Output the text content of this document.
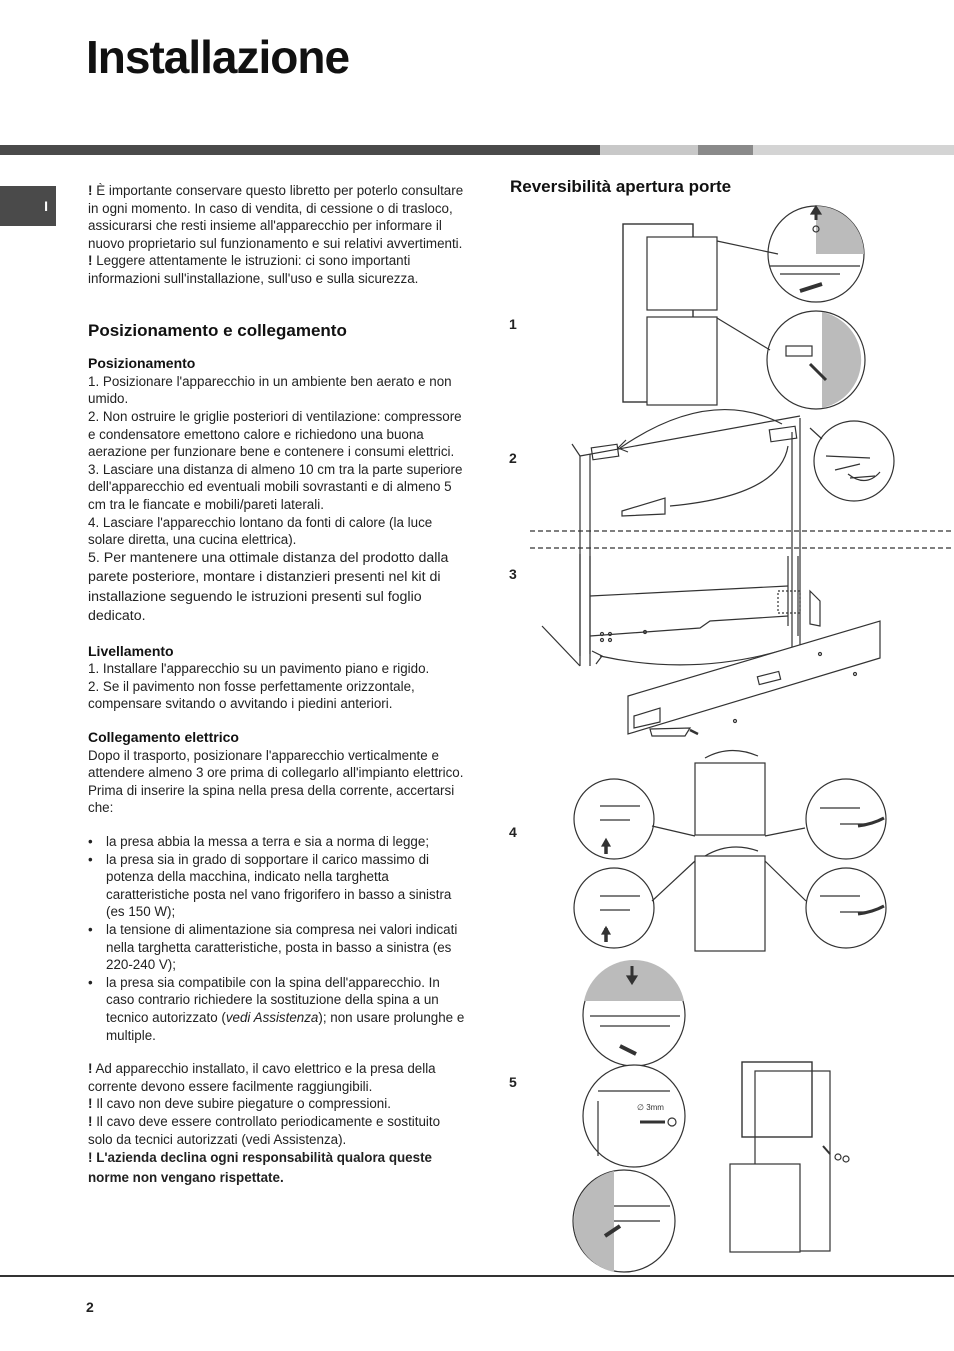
Installazione
I

! È importante conservare questo libretto per poterlo consultare in ogni momento. In caso di vendita, di cessione o di trasloco, assicurarsi che resti insieme all'apparecchio per informare il nuovo proprietario sul funzionamento e sui relativi avvertimenti.

! Leggere attentamente le istruzioni: ci sono importanti informazioni sull'installazione, sull'uso e sulla sicurezza.

Posizionamento e collegamento
Posizionamento

1. Posizionare l'apparecchio in un ambiente ben aerato e non umido.

2. Non ostruire le griglie posteriori di ventilazione: compressore e condensatore emettono calore e richiedono una buona aerazione per funzionare bene e contenere i consumi elettrici.

3. Lasciare una distanza di almeno 10 cm tra la parte superiore dell'apparecchio ed eventuali mobili sovrastanti e di almeno 5 cm tra le fiancate e mobili/pareti laterali.

4. Lasciare l'apparecchio lontano da fonti di calore (la luce solare diretta, una cucina elettrica).

5. Per mantenere una ottimale distanza del prodotto dalla parete posteriore, montare i distanzieri presenti nel kit di installazione seguendo le istruzioni presenti sul foglio dedicato.

Livellamento

1. Installare l'apparecchio su un pavimento piano e rigido.

2. Se il pavimento non fosse perfettamente orizzontale, compensare svitando o avvitando i piedini anteriori.

Collegamento elettrico

Dopo il trasporto, posizionare l'apparecchio verticalmente e attendere almeno 3 ore prima di collegarlo all'impianto elettrico. Prima di inserire la spina nella presa della corrente, accertarsi che:

• la presa abbia la messa a terra e sia a norma di legge;
• la presa sia in grado di sopportare il carico massimo di potenza della macchina, indicato nella targhetta caratteristiche posta nel vano frigorifero in basso a sinistra (es 150 W);
• la tensione di alimentazione sia compresa nei valori indicati nella targhetta caratteristiche, posta in basso a sinistra (es 220-240 V);
• la presa sia compatibile con la spina dell'apparecchio. In caso contrario richiedere la sostituzione della spina a un tecnico autorizzato (vedi Assistenza); non usare prolunghe e multiple.

! Ad apparecchio installato, il cavo elettrico e la presa della corrente devono essere facilmente raggiungibili.

! Il cavo non deve subire piegature o compressioni.

! Il cavo deve essere controllato periodicamente e sostituito solo da tecnici autorizzati (vedi Assistenza).

! L'azienda declina ogni responsabilità qualora queste norme non vengano rispettate.

Reversibilità apertura porte
1
2
3
4
5
∅ 3mm
2
